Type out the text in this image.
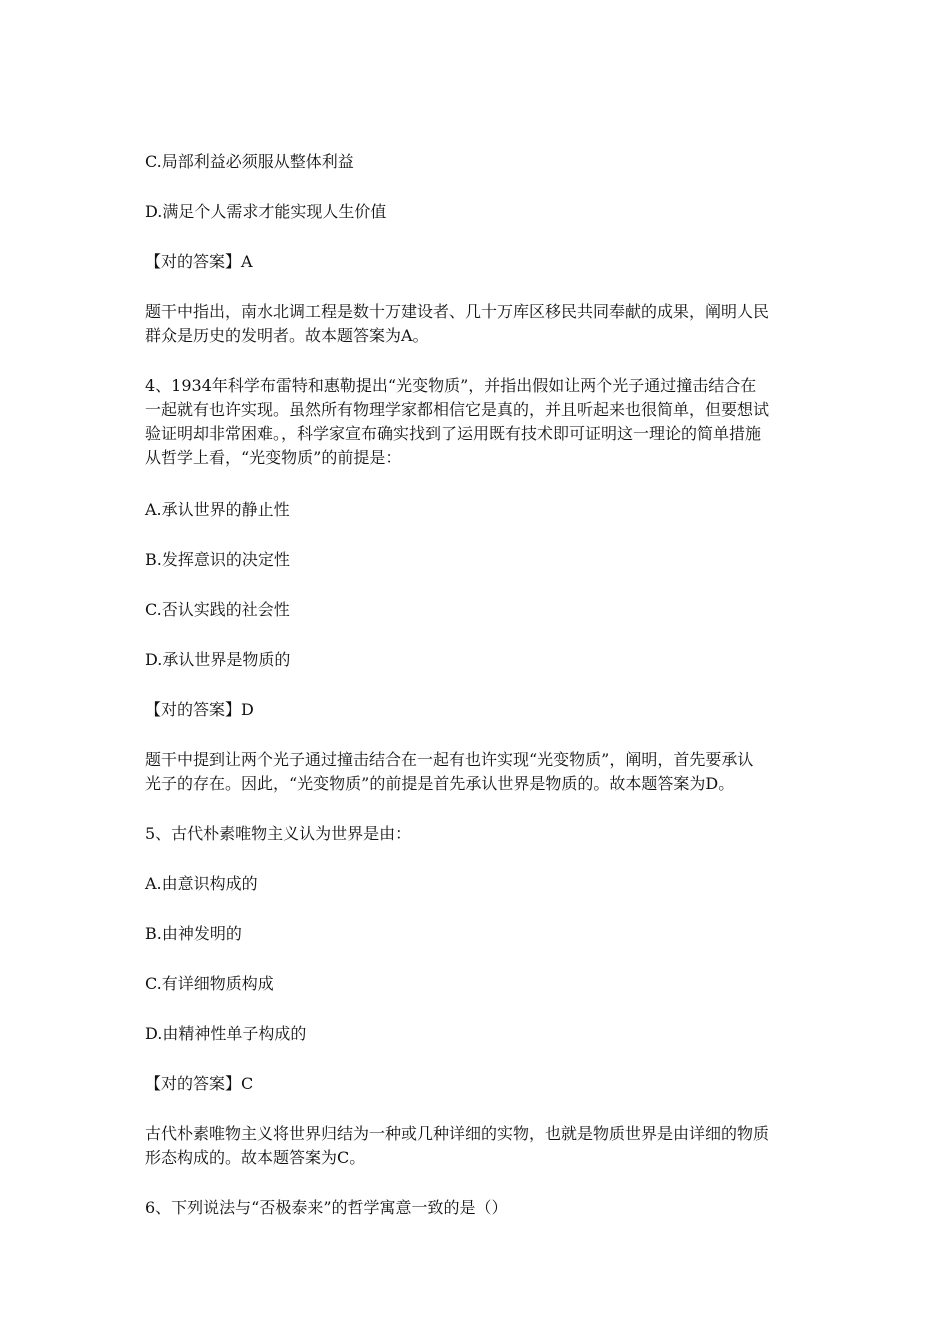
C.局部利益必须服从整体利益
D.满足个人需求才能实现人生价值
【对的答案】A
题干中指出，南水北调工程是数十万建设者、几十万库区移民共同奉献的成果，阐明人民
群众是历史的发明者。故本题答案为A。
4、1934年科学布雷特和惠勒提出“光变物质”，并指出假如让两个光子通过撞击结合在
一起就有也许实现。虽然所有物理学家都相信它是真的，并且听起来也很简单，但要想试
验证明却非常困难。，科学家宣布确实找到了运用既有技术即可证明这一理论的简单措施
从哲学上看，“光变物质”的前提是：
A.承认世界的静止性
B.发挥意识的决定性
C.否认实践的社会性
D.承认世界是物质的
【对的答案】D
题干中提到让两个光子通过撞击结合在一起有也许实现“光变物质”，阐明，首先要承认
光子的存在。因此，“光变物质”的前提是首先承认世界是物质的。故本题答案为D。
5、古代朴素唯物主义认为世界是由：
A.由意识构成的
B.由神发明的
C.有详细物质构成
D.由精神性单子构成的
【对的答案】C
古代朴素唯物主义将世界归结为一种或几种详细的实物，也就是物质世界是由详细的物质
形态构成的。故本题答案为C。
6、下列说法与“否极泰来”的哲学寓意一致的是（）
